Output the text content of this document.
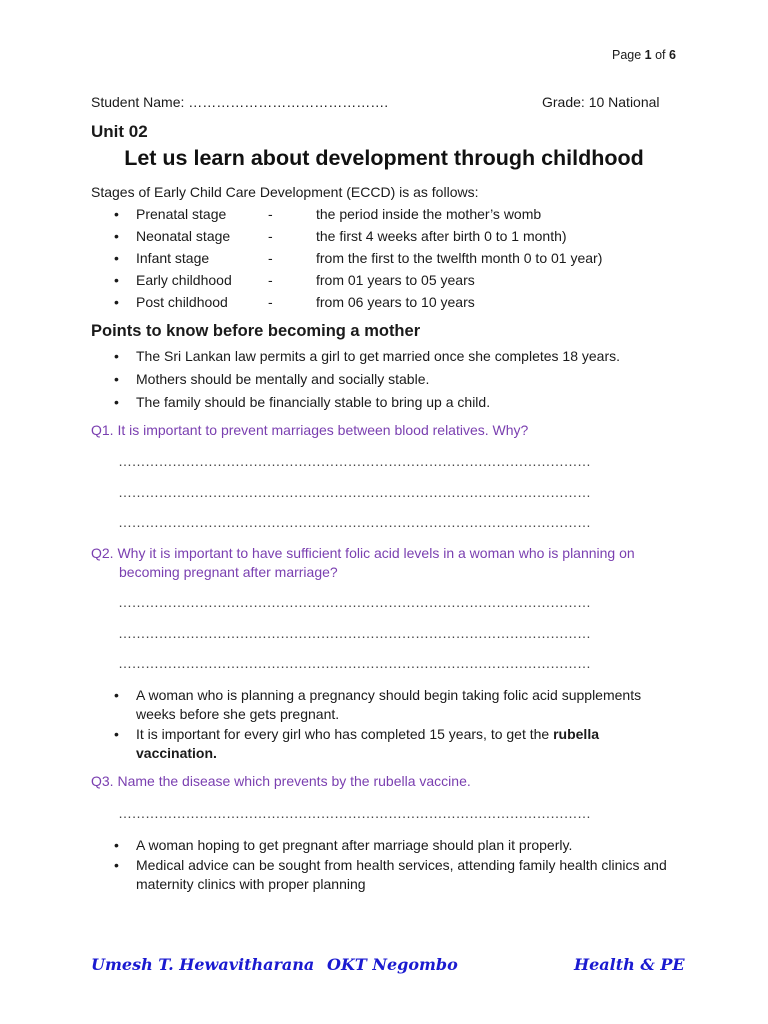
Page 1 of 6
Student Name: …………………………………….	Grade: 10 National
Unit 02
Let us learn about development through childhood
Stages of Early Child Care Development (ECCD) is as follows:
• Prenatal stage	-	the period inside the mother’s womb
• Neonatal stage	-	the first 4 weeks after birth 0 to 1 month)
• Infant stage	-	from the first to the twelfth month 0 to 01 year)
• Early childhood	-	from 01 years to 05 years
• Post childhood	-	from 06 years to 10 years
Points to know before becoming a mother
• The Sri Lankan law permits a girl to get married once she completes 18 years.
• Mothers should be mentally and socially stable.
• The family should be financially stable to bring up a child.
Q1. It is important to prevent marriages between blood relatives. Why?
……………………………………………………………………………………………
……………………………………………………………………………………………
……………………………………………………………………………………………
Q2. Why it is important to have sufficient folic acid levels in a woman who is planning on
becoming pregnant after marriage?
……………………………………………………………………………………………
……………………………………………………………………………………………
……………………………………………………………………………………………
• A woman who is planning a pregnancy should begin taking folic acid supplements
weeks before she gets pregnant.
• It is important for every girl who has completed 15 years, to get the rubella
vaccination.
Q3. Name the disease which prevents by the rubella vaccine.
……………………………………………………………………………………………
• A woman hoping to get pregnant after marriage should plan it properly.
• Medical advice can be sought from health services, attending family health clinics and
maternity clinics with proper planning
Umesh T. Hewavitharana OKT Negombo	Health & PE
